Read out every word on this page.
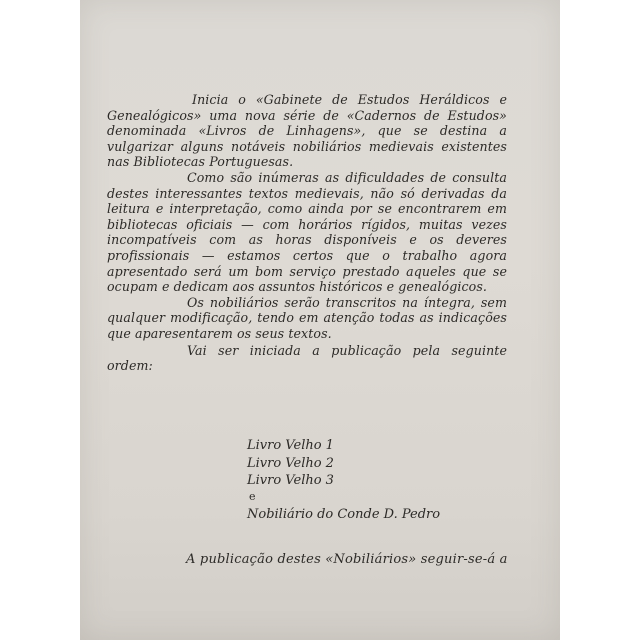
Inicia o «Gabinete de Estudos Heráldicos e Genealógicos» uma nova série de «Cadernos de Estudos» denominada «Livros de Linhagens», que se destina a vulgarizar alguns notáveis nobiliários medievais existentes nas Bibliotecas Portuguesas.

Como são inúmeras as dificuldades de consulta destes interessantes textos medievais, não só derivadas da leitura e interpretação, como ainda por se encontrarem em bibliotecas oficiais — com horários rígidos, muitas vezes incompatíveis com as horas disponíveis e os deveres profissionais — estamos certos que o trabalho agora apresentado será um bom serviço prestado aqueles que se ocupam e dedicam aos assuntos históricos e genealógicos.

Os nobiliários serão transcritos na íntegra, sem qualquer modificação, tendo em atenção todas as indicações que aparesentarem os seus textos.

Vai ser iniciada a publicação pela seguinte ordem:

Livro Velho 1
Livro Velho 2
Livro Velho 3
e
Nobiliário do Conde D. Pedro
A publicação destes «Nobiliários» seguir-se-á a
